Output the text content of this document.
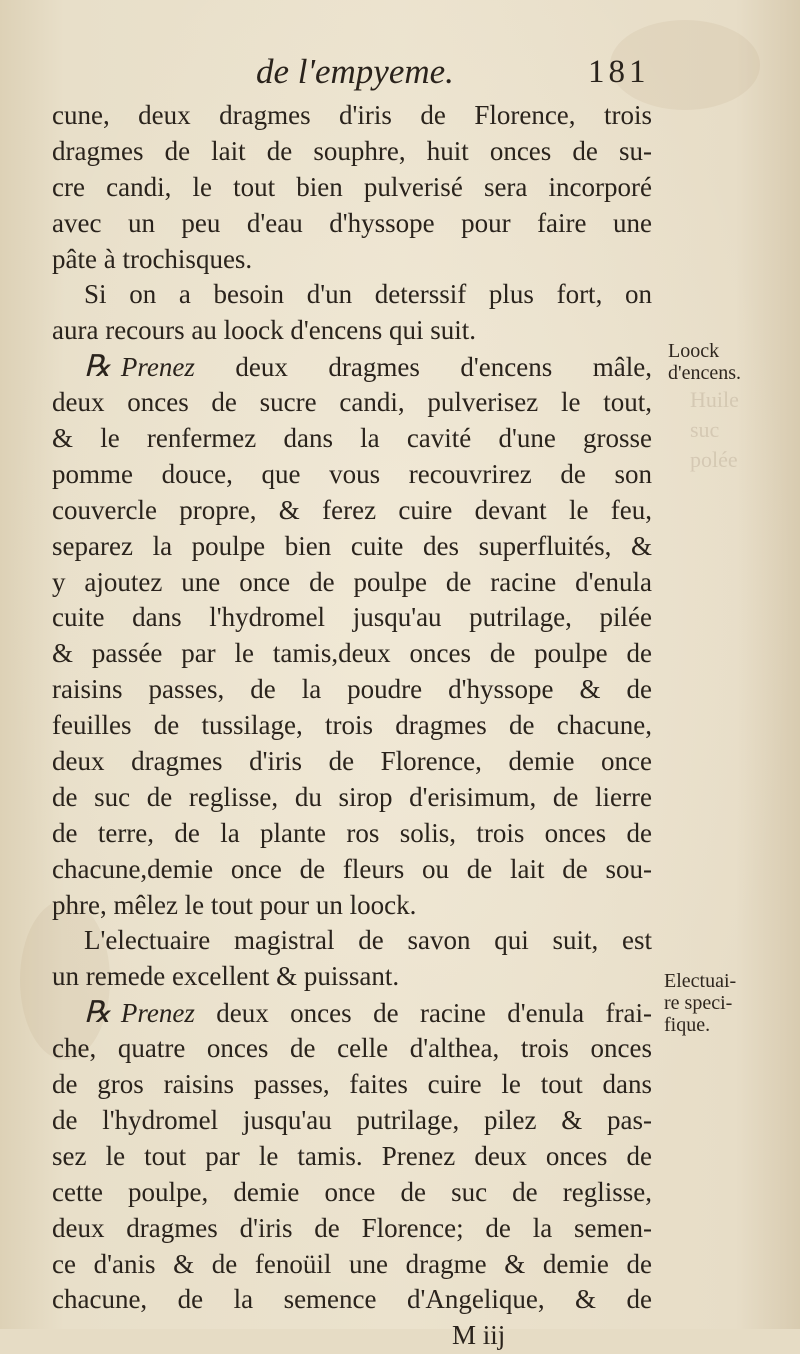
Huile
suc
polée
de l'empyeme.	181
cune, deux dragmes d'iris de Florence, trois
dragmes de lait de souphre, huit onces de su-
cre candi, le tout bien pulverisé sera incorporé
avec un peu d'eau d'hyssope pour faire une
pâte à trochisques.
Si on a besoin d'un deterssif plus fort, on
aura recours au loock d'encens qui suit.
℞ Prenez deux dragmes d'encens mâle,
deux onces de sucre candi, pulverisez le tout,
& le renfermez dans la cavité d'une grosse
pomme douce, que vous recouvrirez de son
couvercle propre, & ferez cuire devant le feu,
separez la poulpe bien cuite des superfluités, &
y ajoutez une once de poulpe de racine d'enula
cuite dans l'hydromel jusqu'au putrilage, pilée
& passée par le tamis,deux onces de poulpe de
raisins passes, de la poudre d'hyssope & de
feuilles de tussilage, trois dragmes de chacune,
deux dragmes d'iris de Florence, demie once
de suc de reglisse, du sirop d'erisimum, de lierre
de terre, de la plante ros solis, trois onces de
chacune,demie once de fleurs ou de lait de sou-
phre, mêlez le tout pour un loock.
L'electuaire magistral de savon qui suit, est
un remede excellent & puissant.
℞ Prenez deux onces de racine d'enula frai-
che, quatre onces de celle d'althea, trois onces
de gros raisins passes, faites cuire le tout dans
de l'hydromel jusqu'au putrilage, pilez & pas-
sez le tout par le tamis. Prenez deux onces de
cette poulpe, demie once de suc de reglisse,
deux dragmes d'iris de Florence; de la semen-
ce d'anis & de fenoüil une dragme & demie de
chacune, de la semence d'Angelique, & de
M iij
Loock
d'encens.
Electuai-
re speci-
fique.
